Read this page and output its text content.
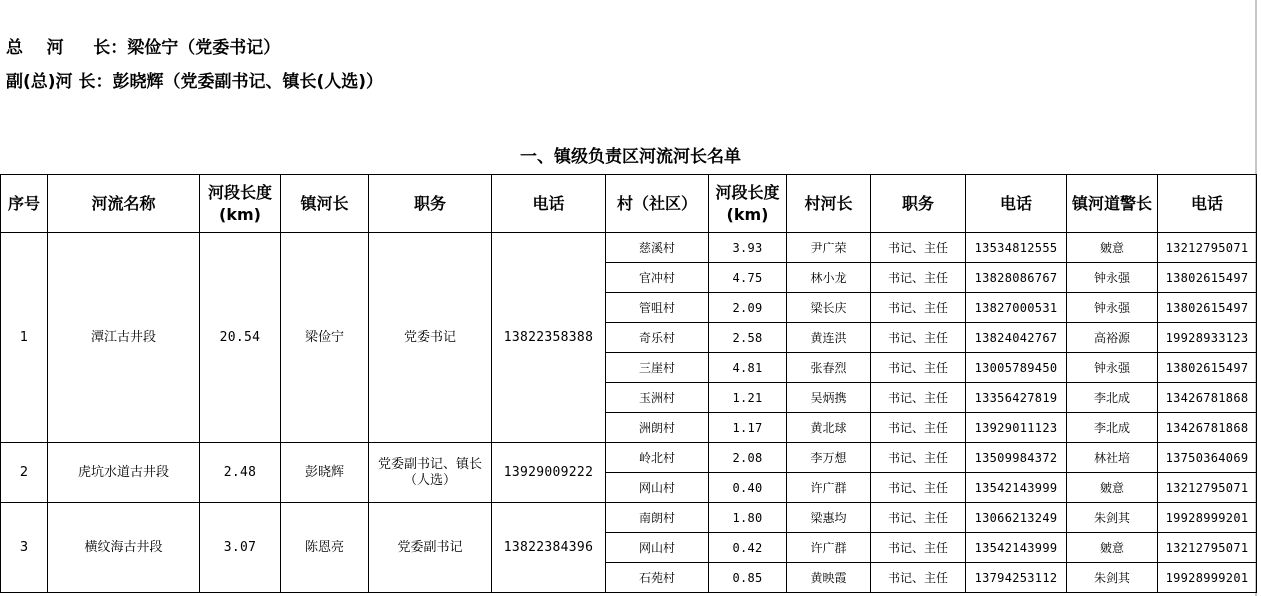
总    河     长：梁俭宁（党委书记）
副(总)河 长：彭晓辉（党委副书记、镇长(人选)）
一、镇级负责区河流河长名单
序号	河流名称	河段长度(km)	镇河长	职务	电话	村（社区）	河段长度(km)	村河长	职务	电话	镇河道警长	电话
1	潭江古井段	20.54	梁俭宁	党委书记	13822358388	慈溪村	3.93	尹广荣	书记、主任	13534812555	皴意	13212795071
						官冲村	4.75	林小龙	书记、主任	13828086767	钟永强	13802615497
						管咀村	2.09	梁长庆	书记、主任	13827000531	钟永强	13802615497
						奇乐村	2.58	黄连洪	书记、主任	13824042767	高裕源	19928933123
						三崖村	4.81	张春烈	书记、主任	13005789450	钟永强	13802615497
						玉洲村	1.21	吴炳携	书记、主任	13356427819	李北成	13426781868
						洲朗村	1.17	黄北球	书记、主任	13929011123	李北成	13426781868
2	虎坑水道古井段	2.48	彭晓辉	党委副书记、镇长（人选）	13929009222	岭北村	2.08	李万想	书记、主任	13509984372	林社培	13750364069
						网山村	0.40	许广群	书记、主任	13542143999	皴意	13212795071
3	横纹海古井段	3.07	陈恩亮	党委副书记	13822384396	南朗村	1.80	梁惠均	书记、主任	13066213249	朱剑其	19928999201
						网山村	0.42	许广群	书记、主任	13542143999	皴意	13212795071
						石苑村	0.85	黄映霞	书记、主任	13794253112	朱剑其	19928999201
